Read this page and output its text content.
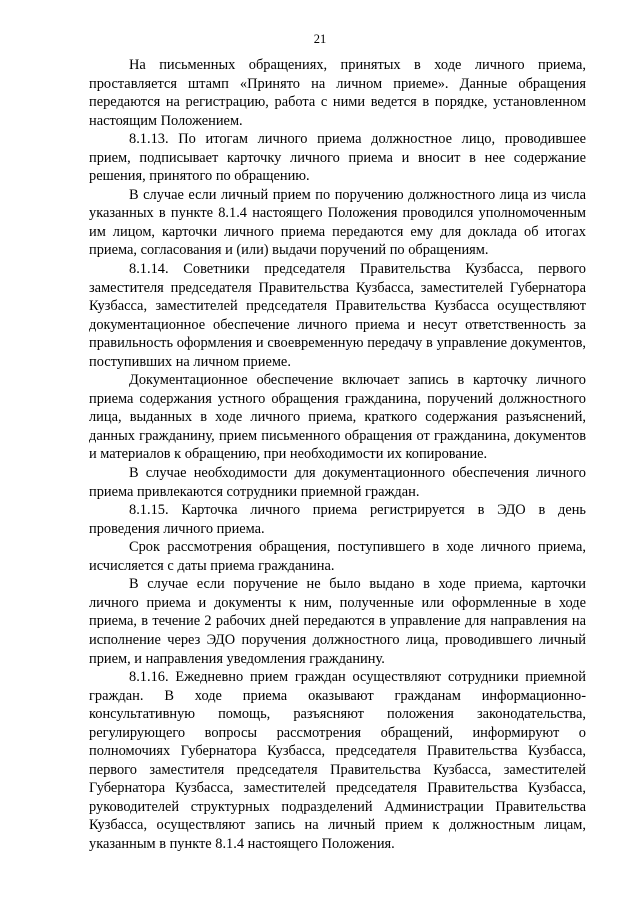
21

На письменных обращениях, принятых в ходе личного приема, проставляется штамп «Принято на личном приеме». Данные обращения передаются на регистрацию, работа с ними ведется в порядке, установленном настоящим Положением.

8.1.13. По итогам личного приема должностное лицо, проводившее прием, подписывает карточку личного приема и вносит в нее содержание решения, принятого по обращению.

В случае если личный прием по поручению должностного лица из числа указанных в пункте 8.1.4 настоящего Положения проводился уполномоченным им лицом, карточки личного приема передаются ему для доклада об итогах приема, согласования и (или) выдачи поручений по обращениям.

8.1.14. Советники председателя Правительства Кузбасса, первого заместителя председателя Правительства Кузбасса, заместителей Губернатора Кузбасса, заместителей председателя Правительства Кузбасса осуществляют документационное обеспечение личного приема и несут ответственность за правильность оформления и своевременную передачу в управление документов, поступивших на личном приеме.

Документационное обеспечение включает запись в карточку личного приема содержания устного обращения гражданина, поручений должностного лица, выданных в ходе личного приема, краткого содержания разъяснений, данных гражданину, прием письменного обращения от гражданина, документов и материалов к обращению, при необходимости их копирование.

В случае необходимости для документационного обеспечения личного приема привлекаются сотрудники приемной граждан.

8.1.15. Карточка личного приема регистрируется в ЭДО в день проведения личного приема.

Срок рассмотрения обращения, поступившего в ходе личного приема, исчисляется с даты приема гражданина.

В случае если поручение не было выдано в ходе приема, карточки личного приема и документы к ним, полученные или оформленные в ходе приема, в течение 2 рабочих дней передаются в управление для направления на исполнение через ЭДО поручения должностного лица, проводившего личный прием, и направления уведомления гражданину.

8.1.16. Ежедневно прием граждан осуществляют сотрудники приемной граждан. В ходе приема оказывают гражданам информационно-консультативную помощь, разъясняют положения законодательства, регулирующего вопросы рассмотрения обращений, информируют о полномочиях Губернатора Кузбасса, председателя Правительства Кузбасса, первого заместителя председателя Правительства Кузбасса, заместителей Губернатора Кузбасса, заместителей председателя Правительства Кузбасса, руководителей структурных подразделений Администрации Правительства Кузбасса, осуществляют запись на личный прием к должностным лицам, указанным в пункте 8.1.4 настоящего Положения.
